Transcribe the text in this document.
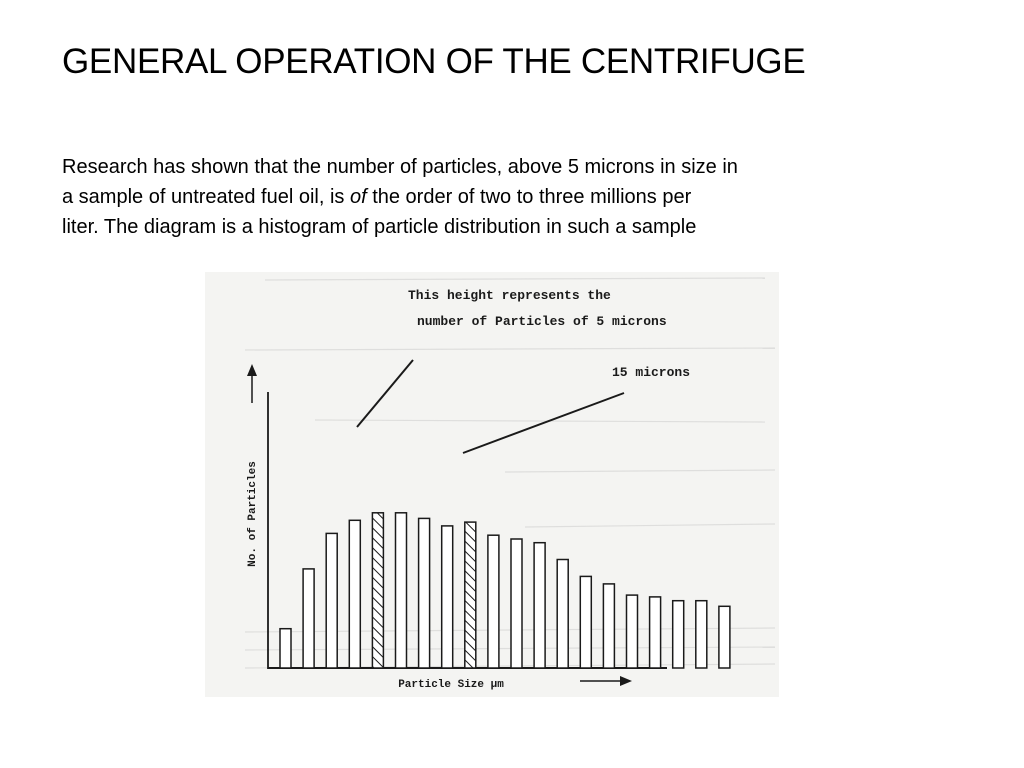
GENERAL OPERATION OF THE CENTRIFUGE

Research has shown that the number of particles, above 5 microns in size in
a sample of untreated fuel oil, is of the order of two to three millions per
liter. The diagram is a histogram of particle distribution in such a sample

No. of Particles
Particle Size µm
This height represents the
number of Particles of 5 microns
15 microns
